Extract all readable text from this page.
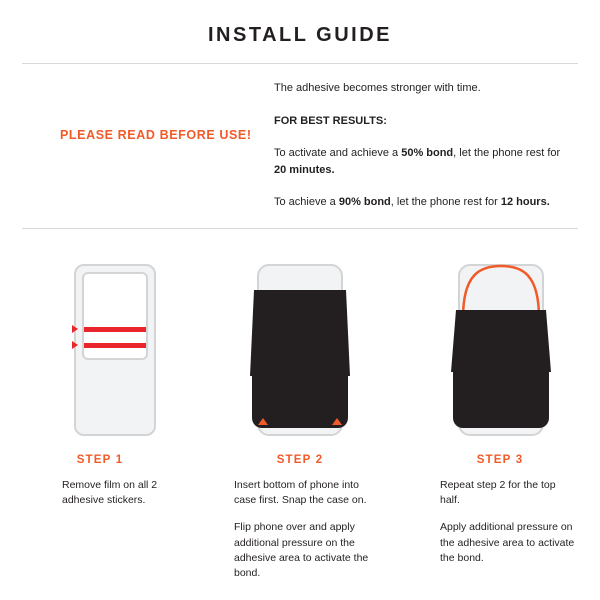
INSTALL GUIDE
PLEASE READ BEFORE USE!

The adhesive becomes stronger with time.

FOR BEST RESULTS:

To activate and achieve a 50% bond, let the phone rest for 20 minutes.

To achieve a 90% bond, let the phone rest for 12 hours.

STEP 1

Remove film on all 2 adhesive stickers.

STEP 2

Insert bottom of phone into case first. Snap the case on.

Flip phone over and apply additional pressure on the adhesive area to activate the bond.

STEP 3

Repeat step 2 for the top half.

Apply additional pressure on the adhesive area to activate the bond.
